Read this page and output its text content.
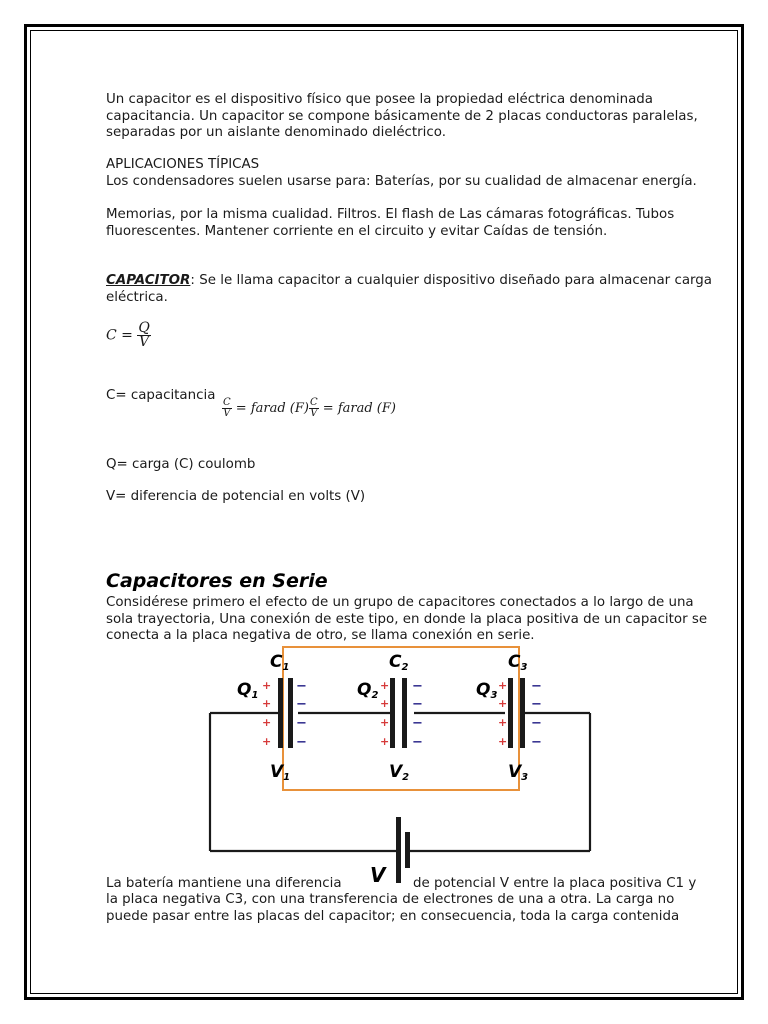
Un capacitor es el dispositivo físico que posee la propiedad eléctrica denominada capacitancia. Un capacitor se compone básicamente de 2 placas conductoras paralelas, separadas por un aislante denominado dieléctrico.

APLICACIONES TÍPICAS

Los condensadores suelen usarse para: Baterías, por su cualidad de almacenar energía.

Memorias, por la misma cualidad. Filtros. El flash de Las cámaras fotográficas. Tubos fluorescentes. Mantener corriente en el circuito y evitar Caídas de tensión.

CAPACITOR: Se le llama capacitor a cualquier dispositivo diseñado para almacenar carga eléctrica.

$C = \frac{Q}{V}$

C= capacitancia

$\frac{C}{V}$ = farad $(F) \frac{C}{V}$ = farad (F)

Q= carga (C) coulomb

V= diferencia de potencial en volts (V)

Capacitores en Serie

Considérese primero el efecto de un grupo de capacitores conectados a lo largo de una sola trayectoria, Una conexión de este tipo, en donde la placa positiva de un capacitor se conecta a la placa negativa de otro, se llama conexión en serie.

C1
Q1
V1
C2
Q2
V2
C3
Q3
V3
+
+
+
+
+
+
+
+
+
+
+
+
−
−
−
−
−
−
−
−
−
−
−
−
V

La batería mantiene una diferencia	de potencial V entre la placa positiva C1 y

la placa negativa C3, con una transferencia de electrones de una a otra. La carga no puede pasar entre las placas del capacitor; en consecuencia, toda la carga contenida
